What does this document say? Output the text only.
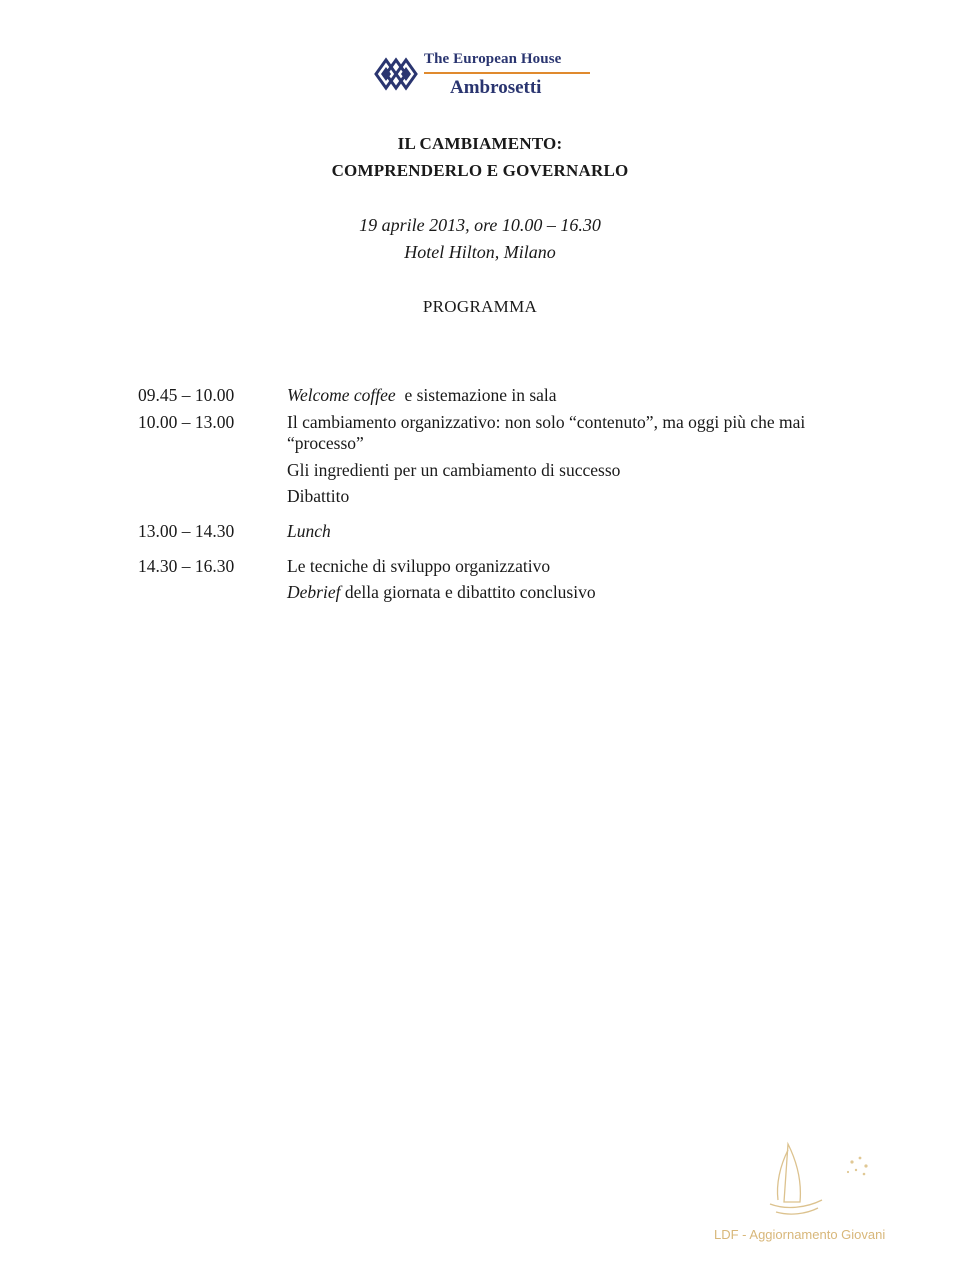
The European House
Ambrosetti
IL CAMBIAMENTO:
COMPRENDERLO E GOVERNARLO
19 aprile 2013, ore 10.00 – 16.30
Hotel Hilton, Milano
PROGRAMMA
09.45 – 10.00	Welcome coffee  e sistemazione in sala
10.00 – 13.00	Il cambiamento organizzativo: non solo “contenuto”, ma oggi più che mai “processo”
Gli ingredienti per un cambiamento di successo
Dibattito
13.00 – 14.30	Lunch
14.30 – 16.30	Le tecniche di sviluppo organizzativo
Debrief della giornata e dibattito conclusivo
LDF - Aggiornamento Giovani
